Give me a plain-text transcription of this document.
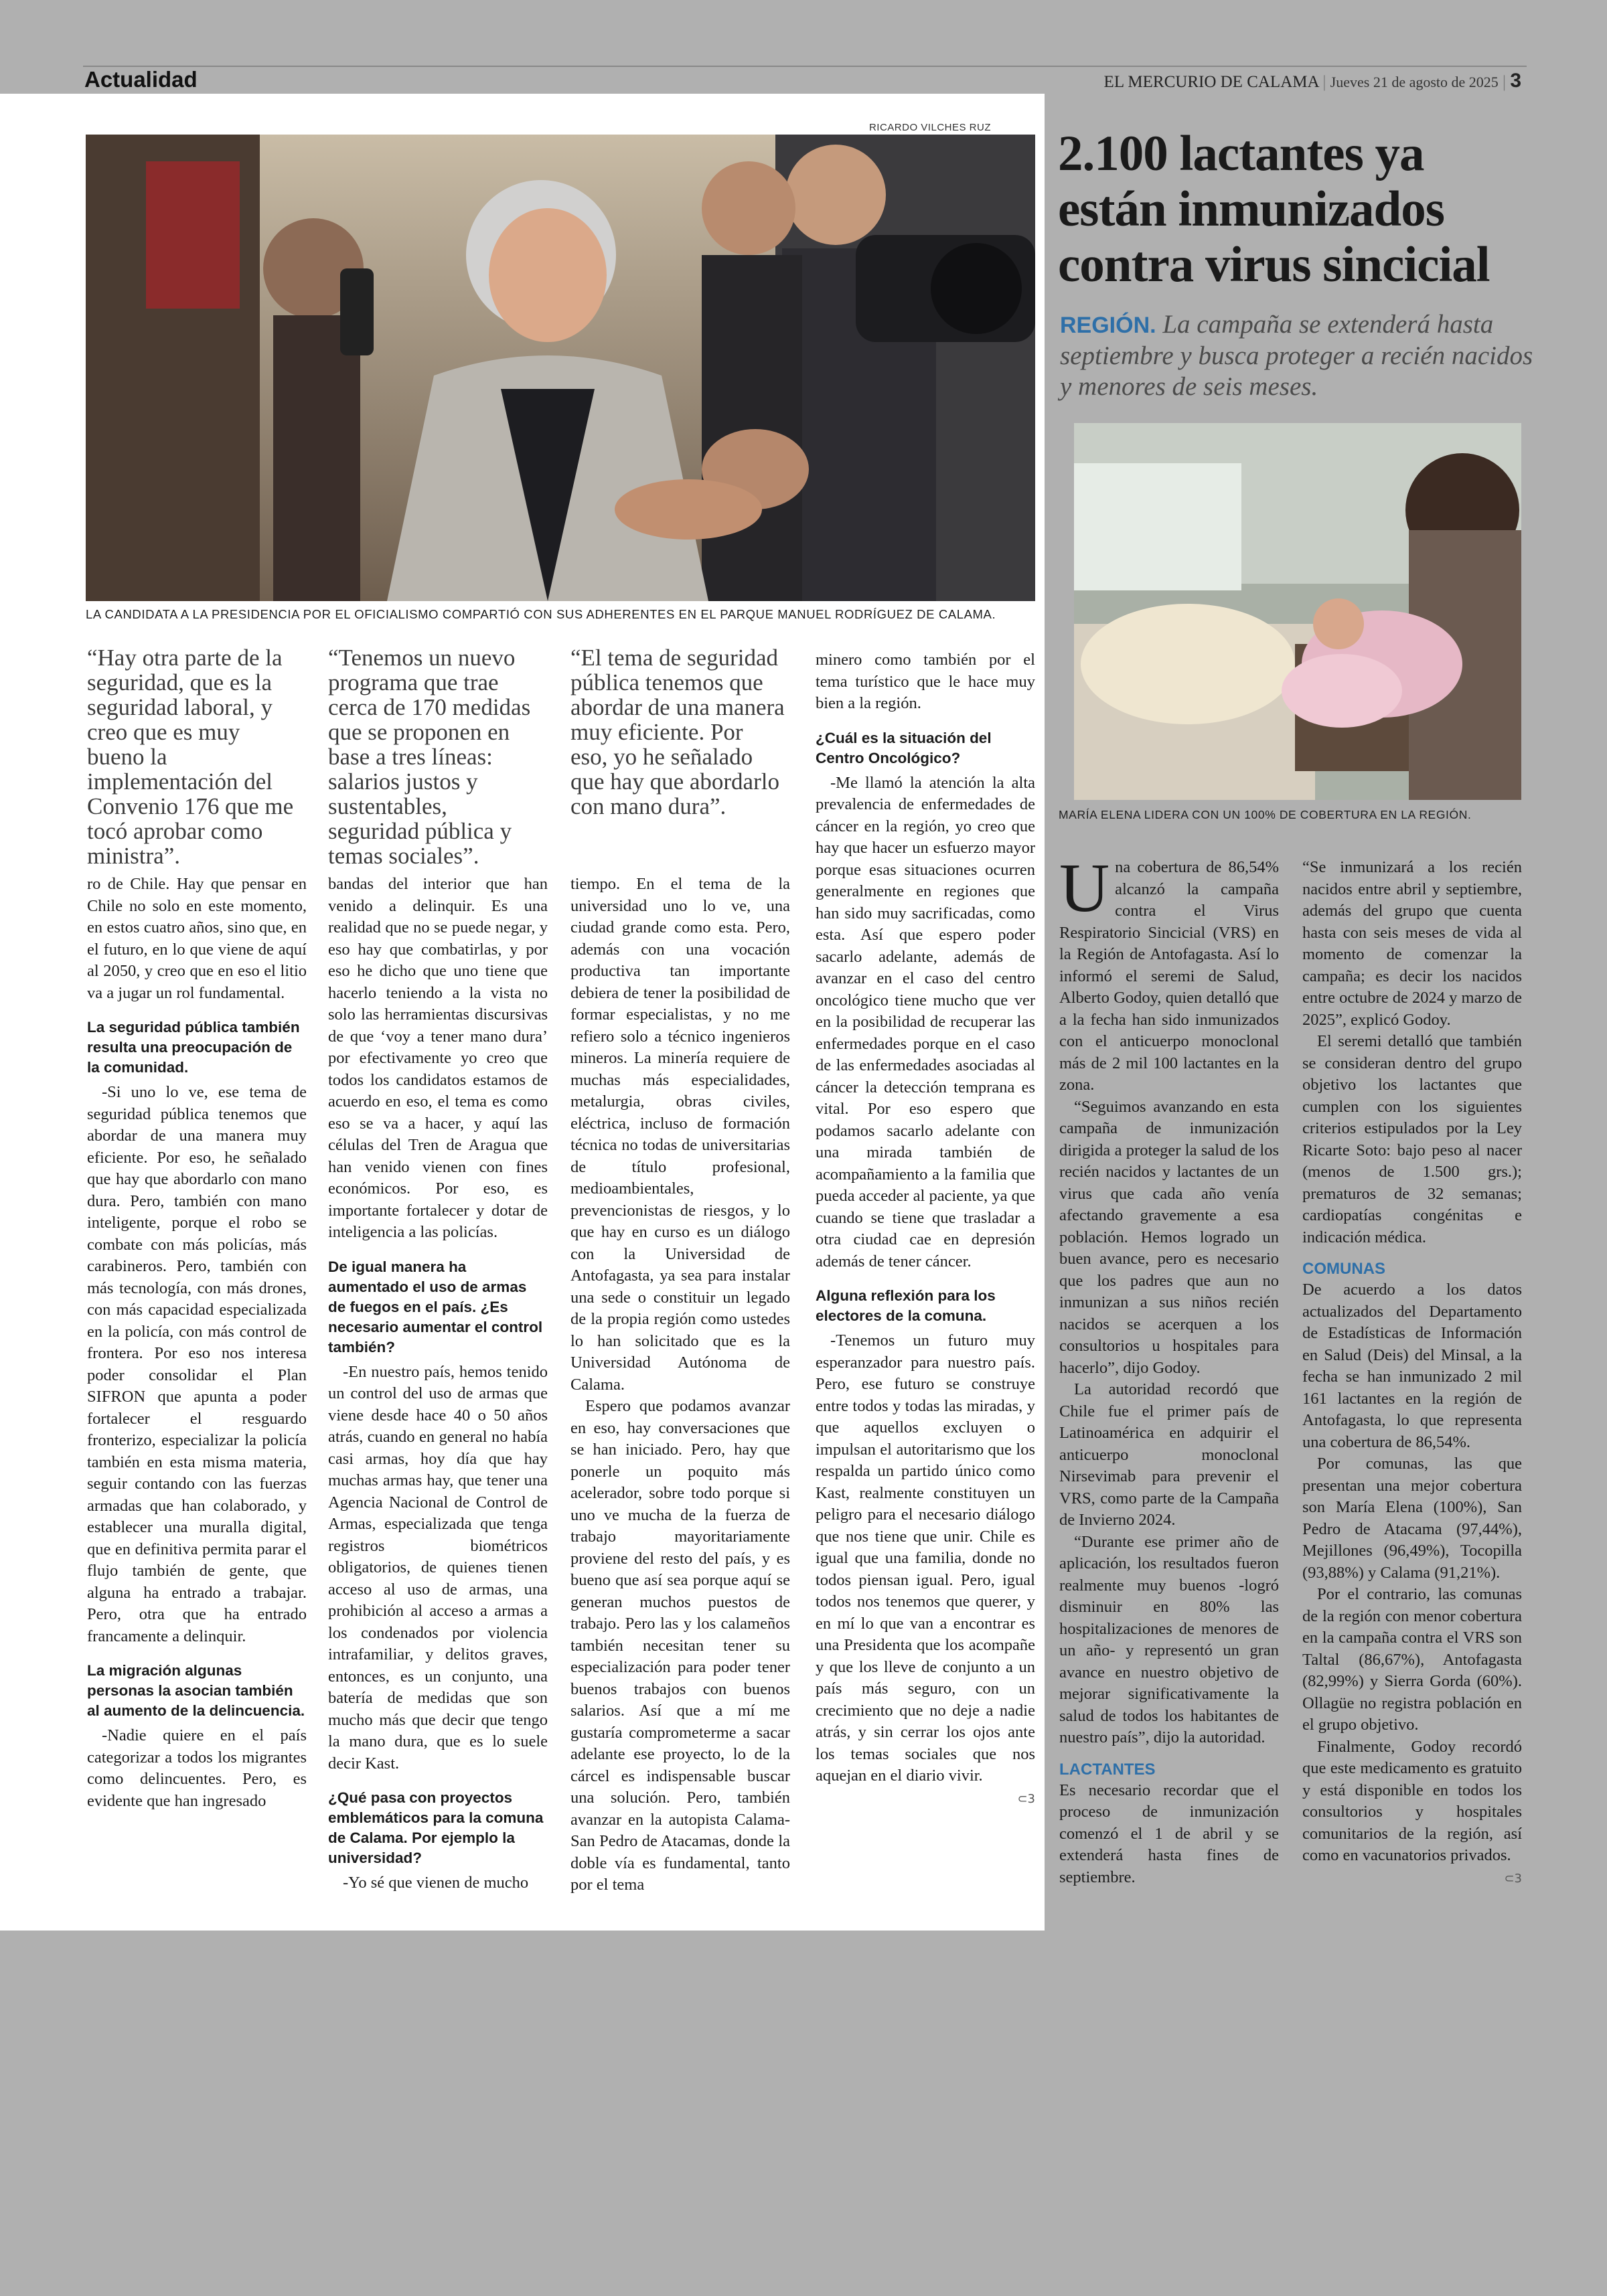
Actualidad	EL MERCURIO DE CALAMA | Jueves 21 de agosto de 2025 | 3
RICARDO VILCHES RUZ
LA CANDIDATA A LA PRESIDENCIA POR EL OFICIALISMO COMPARTIÓ CON SUS ADHERENTES EN EL PARQUE MANUEL RODRÍGUEZ DE CALAMA.
“Hay otra parte de la seguridad, que es la seguridad laboral, y creo que es muy bueno la implementación del Convenio 176 que me tocó aprobar como ministra”.
“Tenemos un nuevo programa que trae cerca de 170 medidas que se proponen en base a tres líneas: salarios justos y sustentables, seguridad pública y temas sociales”.
“El tema de seguridad pública tenemos que abordar de una manera muy eficiente. Por eso, yo he señalado que hay que abordarlo con mano dura”.

ro de Chile. Hay que pensar en Chile no solo en este momento, en estos cuatro años, sino que, en el futuro, en lo que viene de aquí al 2050, y creo que en eso el litio va a jugar un rol fundamental.

La seguridad pública también resulta una preocupación de la comunidad.

-Si uno lo ve, ese tema de seguridad pública tenemos que abordar de una manera muy eficiente. Por eso, he señalado que hay que abordarlo con mano dura. Pero, también con mano inteligente, porque el robo se combate con más policías, más carabineros. Pero, también con más tecnología, con más drones, con más capacidad especializada en la policía, con más control de frontera. Por eso nos interesa poder consolidar el Plan SIFRON que apunta a poder fortalecer el resguardo fronterizo, especializar la policía también en esta misma materia, seguir contando con las fuerzas armadas que han colaborado, y establecer una muralla digital, que en definitiva permita parar el flujo también de gente, que alguna ha entrado a trabajar. Pero, otra que ha entrado francamente a delinquir.

La migración algunas personas la asocian también al aumento de la delincuencia.

-Nadie quiere en el país categorizar a todos los migrantes como delincuentes. Pero, es evidente que han ingresado

bandas del interior que han venido a delinquir. Es una realidad que no se puede negar, y eso hay que combatirlas, y por eso he dicho que uno tiene que hacerlo teniendo a la vista no solo las herramientas discursivas de que ‘voy a tener mano dura’ por efectivamente yo creo que todos los candidatos estamos de acuerdo en eso, el tema es como eso se va a hacer, y aquí las células del Tren de Aragua que han venido vienen con fines económicos. Por eso, es importante fortalecer y dotar de inteligencia a las policías.

De igual manera ha aumentado el uso de armas de fuegos en el país. ¿Es necesario aumentar el control también?

-En nuestro país, hemos tenido un control del uso de armas que viene desde hace 40 o 50 años atrás, cuando en general no había casi armas, hoy día que hay muchas armas hay, que tener una Agencia Nacional de Control de Armas, especializada que tenga registros biométricos obligatorios, de quienes tienen acceso al uso de armas, una prohibición al acceso a armas a los condenados por violencia intrafamiliar, y delitos graves, entonces, es un conjunto, una batería de medidas que son mucho más que decir que tengo la mano dura, que es lo suele decir Kast.

¿Qué pasa con proyectos emblemáticos para la comuna de Calama. Por ejemplo la universidad?

-Yo sé que vienen de mucho

tiempo. En el tema de la universidad uno lo ve, una ciudad grande como esta. Pero, además con una vocación productiva tan importante debiera de tener la posibilidad de formar especialistas, y no me refiero solo a técnico ingenieros mineros. La minería requiere de muchas más especialidades, metalurgia, obras civiles, eléctrica, incluso de formación técnica no todas de universitarias de título profesional, medioambientales, prevencionistas de riesgos, y lo que hay en curso es un diálogo con la Universidad de Antofagasta, ya sea para instalar una sede o constituir un legado de la propia región como ustedes lo han solicitado que es la Universidad Autónoma de Calama.

Espero que podamos avanzar en eso, hay conversaciones que se han iniciado. Pero, hay que ponerle un poquito más acelerador, sobre todo porque si uno ve mucha de la fuerza de trabajo mayoritariamente proviene del resto del país, y es bueno que así sea porque aquí se generan muchos puestos de trabajo. Pero las y los calameños también necesitan tener su especialización para poder tener buenos trabajos con buenos salarios. Así que a mí me gustaría comprometerme a sacar adelante ese proyecto, lo de la cárcel es indispensable buscar una solución. Pero, también avanzar en la autopista Calama-San Pedro de Atacamas, donde la doble vía es fundamental, tanto por el tema

minero como también por el tema turístico que le hace muy bien a la región.

¿Cuál es la situación del Centro Oncológico?

-Me llamó la atención la alta prevalencia de enfermedades de cáncer en la región, yo creo que hay que hacer un esfuerzo mayor porque esas situaciones ocurren generalmente en regiones que han sido muy sacrificadas, como esta. Así que espero poder sacarlo adelante, además de avanzar en el caso del centro oncológico tiene mucho que ver en la posibilidad de recuperar las enfermedades porque en el caso de las enfermedades asociadas al cáncer la detección temprana es vital. Por eso espero que podamos sacarlo adelante con una mirada también de acompañamiento a la familia que pueda acceder al paciente, ya que cuando se tiene que trasladar a otra ciudad cae en depresión además de tener cáncer.

Alguna reflexión para los electores de la comuna.

-Tenemos un futuro muy esperanzador para nuestro país. Pero, ese futuro se construye entre todos y todas las miradas, y que aquellos excluyen o impulsan el autoritarismo que los respalda un partido único como Kast, realmente constituyen un peligro para el necesario diálogo que nos tiene que unir. Chile es igual que una familia, donde no todos piensan igual. Pero, igual todos nos tenemos que querer, y en mí lo que van a encontrar es una Presidenta que los acompañe y que los lleve de conjunto a un país más seguro, con un crecimiento que no deje a nadie atrás, y sin cerrar los ojos ante los temas sociales que nos aquejan en el diario vivir.

⊂3

2.100 lactantes ya están inmunizados contra virus sincicial
REGIÓN. La campaña se extenderá hasta septiembre y busca proteger a recién nacidos y menores de seis meses.
MARÍA ELENA LIDERA CON UN 100% DE COBERTURA EN LA REGIÓN.

Una cobertura de 86,54% alcanzó la campaña contra el Virus Respiratorio Sincicial (VRS) en la Región de Antofagasta. Así lo informó el seremi de Salud, Alberto Godoy, quien detalló que a la fecha han sido inmunizados con el anticuerpo monoclonal más de 2 mil 100 lactantes en la zona.

“Seguimos avanzando en esta campaña de inmunización dirigida a proteger la salud de los recién nacidos y lactantes de un virus que cada año venía afectando gravemente a esa población. Hemos logrado un buen avance, pero es necesario que los padres que aun no inmunizan a sus niños recién nacidos se acerquen a los consultorios u hospitales para hacerlo”, dijo Godoy.

La autoridad recordó que Chile fue el primer país de Latinoamérica en adquirir el anticuerpo monoclonal Nirsevimab para prevenir el VRS, como parte de la Campaña de Invierno 2024.

“Durante ese primer año de aplicación, los resultados fueron realmente muy buenos -logró disminuir en 80% las hospitalizaciones de menores de un año- y representó un gran avance en nuestro objetivo de mejorar significativamente la salud de todos los habitantes de nuestro país”, dijo la autoridad.

LACTANTES

Es necesario recordar que el proceso de inmunización comenzó el 1 de abril y se extenderá hasta fines de septiembre.

“Se inmunizará a los recién nacidos entre abril y septiembre, además del grupo que cuenta hasta con seis meses de vida al momento de comenzar la campaña; es decir los nacidos entre octubre de 2024 y marzo de 2025”, explicó Godoy.

El seremi detalló que también se consideran dentro del grupo objetivo los lactantes que cumplen con los siguientes criterios estipulados por la Ley Ricarte Soto: bajo peso al nacer (menos de 1.500 grs.); prematuros de 32 semanas; cardiopatías congénitas e indicación médica.

COMUNAS

De acuerdo a los datos actualizados del Departamento de Estadísticas de Información en Salud (Deis) del Minsal, a la fecha se han inmunizado 2 mil 161 lactantes en la región de Antofagasta, lo que representa una cobertura de 86,54%.

Por comunas, las que presentan una mejor cobertura son María Elena (100%), San Pedro de Atacama (97,44%), Mejillones (96,49%), Tocopilla (93,88%) y Calama (91,21%).

Por el contrario, las comunas de la región con menor cobertura en la campaña contra el VRS son Taltal (86,67%), Antofagasta (82,99%) y Sierra Gorda (60%). Ollagüe no registra población en el grupo objetivo.

Finalmente, Godoy recordó que este medicamento es gratuito y está disponible en todos los consultorios y hospitales comunitarios de la región, así como en vacunatorios privados.

⊂3
